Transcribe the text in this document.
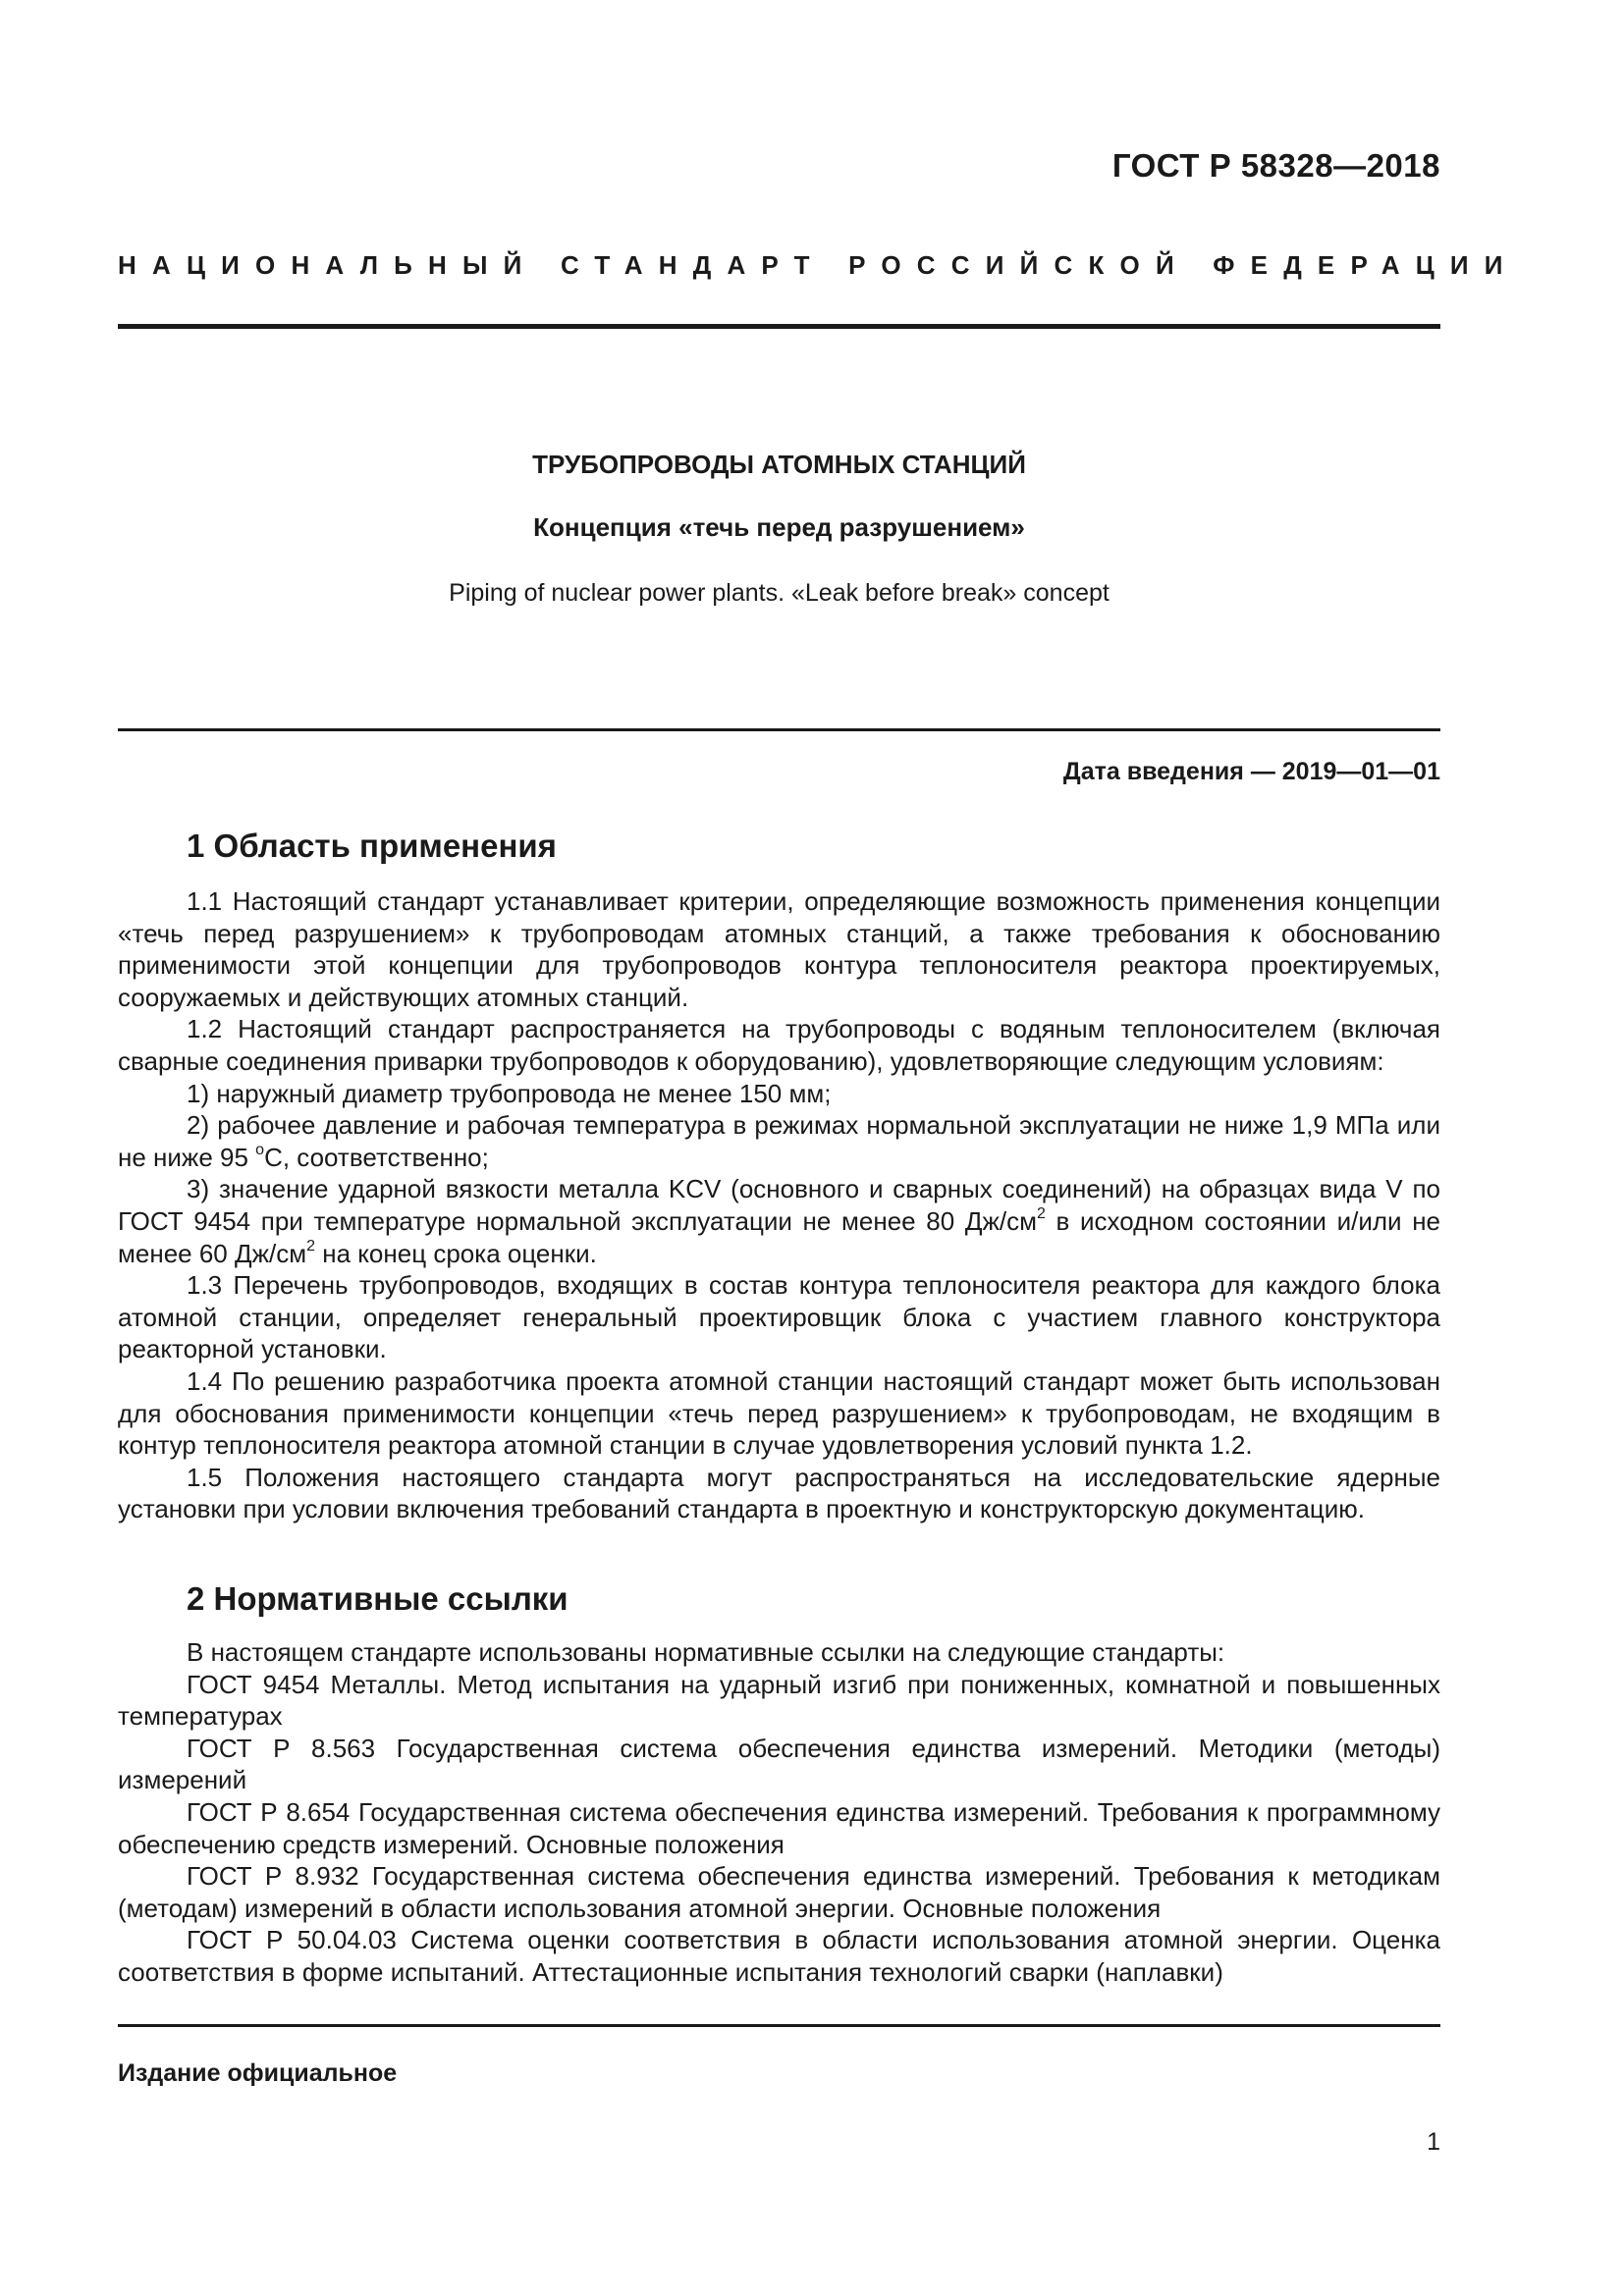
ГОСТ Р 58328—2018
НАЦИОНАЛЬНЫЙ СТАНДАРТ РОССИЙСКОЙ ФЕДЕРАЦИИ
ТРУБОПРОВОДЫ АТОМНЫХ СТАНЦИЙ
Концепция «течь перед разрушением»
Piping of nuclear power plants. «Leak before break» concept
Дата введения — 2019—01—01
1 Область применения

1.1 Настоящий стандарт устанавливает критерии, определяющие возможность применения концепции «течь перед разрушением» к трубопроводам атомных станций, а также требования к обоснованию применимости этой концепции для трубопроводов контура теплоносителя реактора проектируемых, сооружаемых и действующих атомных станций.

1.2 Настоящий стандарт распространяется на трубопроводы с водяным теплоносителем (включая сварные соединения приварки трубопроводов к оборудованию), удовлетворяющие следующим условиям:

1) наружный диаметр трубопровода не менее 150 мм;

2) рабочее давление и рабочая температура в режимах нормальной эксплуатации не ниже 1,9 МПа или не ниже 95 $^о$С, соответственно;

3) значение ударной вязкости металла KCV (основного и сварных соединений) на образцах вида V по ГОСТ 9454 при температуре нормальной эксплуатации не менее 80 $Дж/см^2$ в исходном состоянии и/или не менее 60 $Дж/см^2$ на конец срока оценки.

1.3 Перечень трубопроводов, входящих в состав контура теплоносителя реактора для каждого блока атомной станции, определяет генеральный проектировщик блока с участием главного конструктора реакторной установки.

1.4 По решению разработчика проекта атомной станции настоящий стандарт может быть использован для обоснования применимости концепции «течь перед разрушением» к трубопроводам, не входящим в контур теплоносителя реактора атомной станции в случае удовлетворения условий пункта 1.2.

1.5 Положения настоящего стандарта могут распространяться на исследовательские ядерные установки при условии включения требований стандарта в проектную и конструкторскую документацию.

2 Нормативные ссылки

В настоящем стандарте использованы нормативные ссылки на следующие стандарты:

ГОСТ 9454 Металлы. Метод испытания на ударный изгиб при пониженных, комнатной и повышенных температурах

ГОСТ Р 8.563 Государственная система обеспечения единства измерений. Методики (методы) измерений

ГОСТ Р 8.654 Государственная система обеспечения единства измерений. Требования к программному обеспечению средств измерений. Основные положения

ГОСТ Р 8.932 Государственная система обеспечения единства измерений. Требования к методикам (методам) измерений в области использования атомной энергии. Основные положения

ГОСТ Р 50.04.03 Система оценки соответствия в области использования атомной энергии. Оценка соответствия в форме испытаний. Аттестационные испытания технологий сварки (наплавки)

Издание официальное
1
